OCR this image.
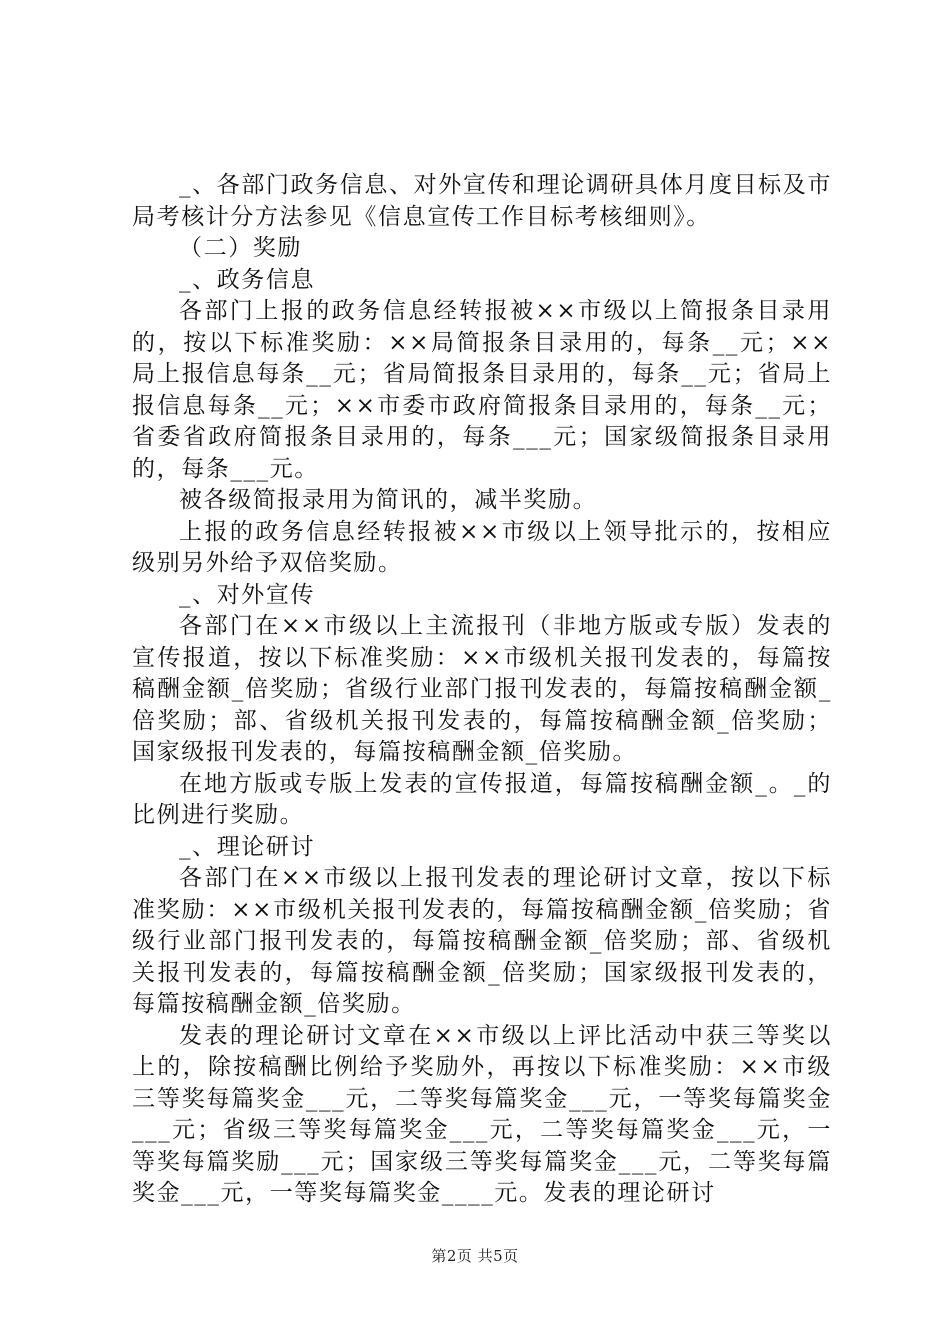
_、各部门政务信息、对外宣传和理论调研具体月度目标及市局考核计分方法参见《信息宣传工作目标考核细则》。

（二）奖励

_、政务信息

各部门上报的政务信息经转报被××市级以上简报条目录用的，按以下标准奖励：××局简报条目录用的，每条__元；××局上报信息每条__元；省局简报条目录用的，每条__元；省局上报信息每条__元；××市委市政府简报条目录用的，每条__元；省委省政府简报条目录用的，每条___元；国家级简报条目录用的，每条___元。

被各级简报录用为简讯的，减半奖励。

上报的政务信息经转报被××市级以上领导批示的，按相应级别另外给予双倍奖励。

_、对外宣传

各部门在××市级以上主流报刊（非地方版或专版）发表的宣传报道，按以下标准奖励：××市级机关报刊发表的，每篇按稿酬金额_倍奖励；省级行业部门报刊发表的，每篇按稿酬金额_倍奖励；部、省级机关报刊发表的，每篇按稿酬金额_倍奖励；国家级报刊发表的，每篇按稿酬金额_倍奖励。

在地方版或专版上发表的宣传报道，每篇按稿酬金额_。_的比例进行奖励。

_、理论研讨

各部门在××市级以上报刊发表的理论研讨文章，按以下标准奖励：××市级机关报刊发表的，每篇按稿酬金额_倍奖励；省级行业部门报刊发表的，每篇按稿酬金额_倍奖励；部、省级机关报刊发表的，每篇按稿酬金额_倍奖励；国家级报刊发表的，每篇按稿酬金额_倍奖励。

发表的理论研讨文章在××市级以上评比活动中获三等奖以上的，除按稿酬比例给予奖励外，再按以下标准奖励：××市级三等奖每篇奖金___元，二等奖每篇奖金___元，一等奖每篇奖金___元；省级三等奖每篇奖金___元，二等奖每篇奖金___元，一等奖每篇奖励___元；国家级三等奖每篇奖金___元，二等奖每篇奖金___元，一等奖每篇奖金____元。发表的理论研讨

第2页 共5页
